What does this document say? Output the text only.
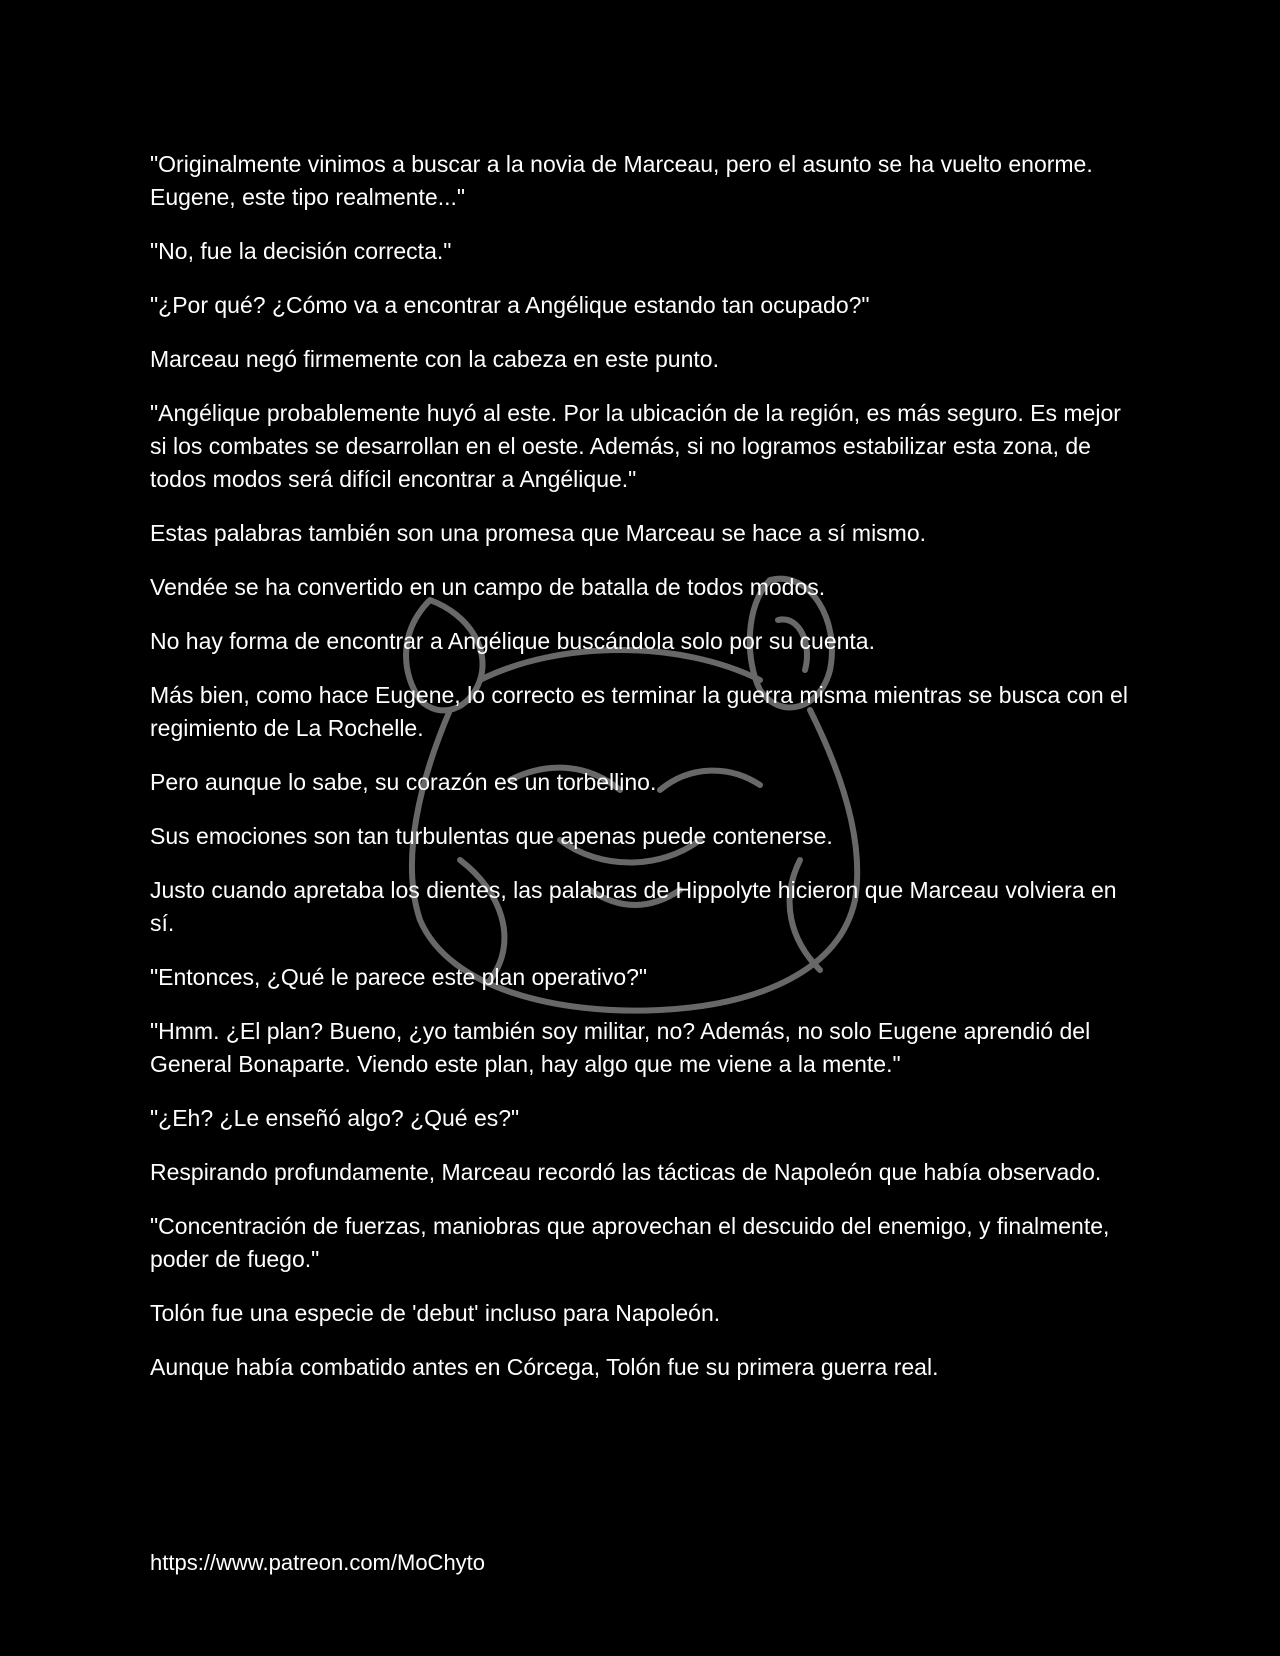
"Originalmente vinimos a buscar a la novia de Marceau, pero el asunto se ha vuelto enorme. Eugene, este tipo realmente..."

"No, fue la decisión correcta."

"¿Por qué? ¿Cómo va a encontrar a Angélique estando tan ocupado?"

Marceau negó firmemente con la cabeza en este punto.

"Angélique probablemente huyó al este. Por la ubicación de la región, es más seguro. Es mejor si los combates se desarrollan en el oeste. Además, si no logramos estabilizar esta zona, de todos modos será difícil encontrar a Angélique."

Estas palabras también son una promesa que Marceau se hace a sí mismo.

Vendée se ha convertido en un campo de batalla de todos modos.

No hay forma de encontrar a Angélique buscándola solo por su cuenta.

Más bien, como hace Eugene, lo correcto es terminar la guerra misma mientras se busca con el regimiento de La Rochelle.

Pero aunque lo sabe, su corazón es un torbellino.

Sus emociones son tan turbulentas que apenas puede contenerse.

Justo cuando apretaba los dientes, las palabras de Hippolyte hicieron que Marceau volviera en sí.

"Entonces, ¿Qué le parece este plan operativo?"

"Hmm. ¿El plan? Bueno, ¿yo también soy militar, no? Además, no solo Eugene aprendió del General Bonaparte. Viendo este plan, hay algo que me viene a la mente."

"¿Eh? ¿Le enseñó algo? ¿Qué es?"

Respirando profundamente, Marceau recordó las tácticas de Napoleón que había observado.

"Concentración de fuerzas, maniobras que aprovechan el descuido del enemigo, y finalmente, poder de fuego."

Tolón fue una especie de 'debut' incluso para Napoleón.

Aunque había combatido antes en Córcega, Tolón fue su primera guerra real.

https://www.patreon.com/MoChyto
